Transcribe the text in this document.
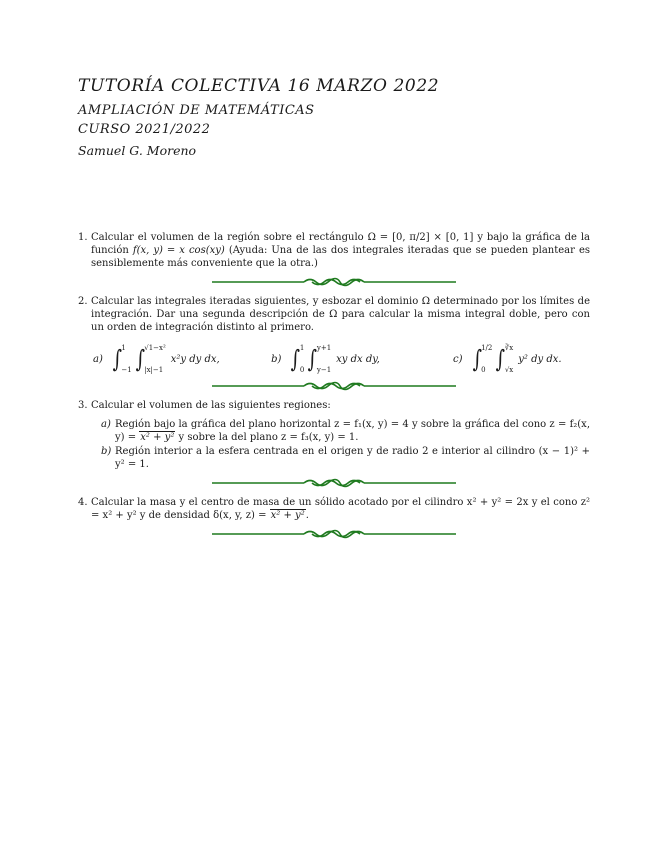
TUTORÍA COLECTIVA 16 MARZO 2022
AMPLIACIÓN DE MATEMÁTICAS
CURSO 2021/2022
Samuel G. Moreno
1. Calcular el volumen de la región sobre el rectángulo Ω = [0, π/2] × [0, 1] y bajo la gráfica de la función f(x, y) = x cos(xy) (Ayuda: Una de las dos integrales iteradas que se pueden plantear es sensiblemente más conveniente que la otra.)
2. Calcular las integrales iteradas siguientes, y esbozar el dominio Ω determinado por los límites de integración. Dar una segunda descripción de Ω para calcular la misma integral doble, pero con un orden de integración distinto al primero.
a) ∫ 1
−1 ∫ √1−x²
|x|−1
x²y dy dx,	b) ∫ 1
0 ∫ y+1
y−1
xy dx dy,	c) ∫ 1/2
0 ∫ ∛x
√x
y² dy dx.
3. Calcular el volumen de las siguientes regiones:
a) Región bajo la gráfica del plano horizontal z = f₁(x, y) = 4 y sobre la gráfica del cono z = f₂(x, y) = x² + y² y sobre la del plano z = f₃(x, y) = 1.
b) Región interior a la esfera centrada en el origen y de radio 2 e interior al cilindro (x − 1)² + y² = 1.
4. Calcular la masa y el centro de masa de un sólido acotado por el cilindro x² + y² = 2x y el cono z² = x² + y² y de densidad δ(x, y, z) = x² + y².
